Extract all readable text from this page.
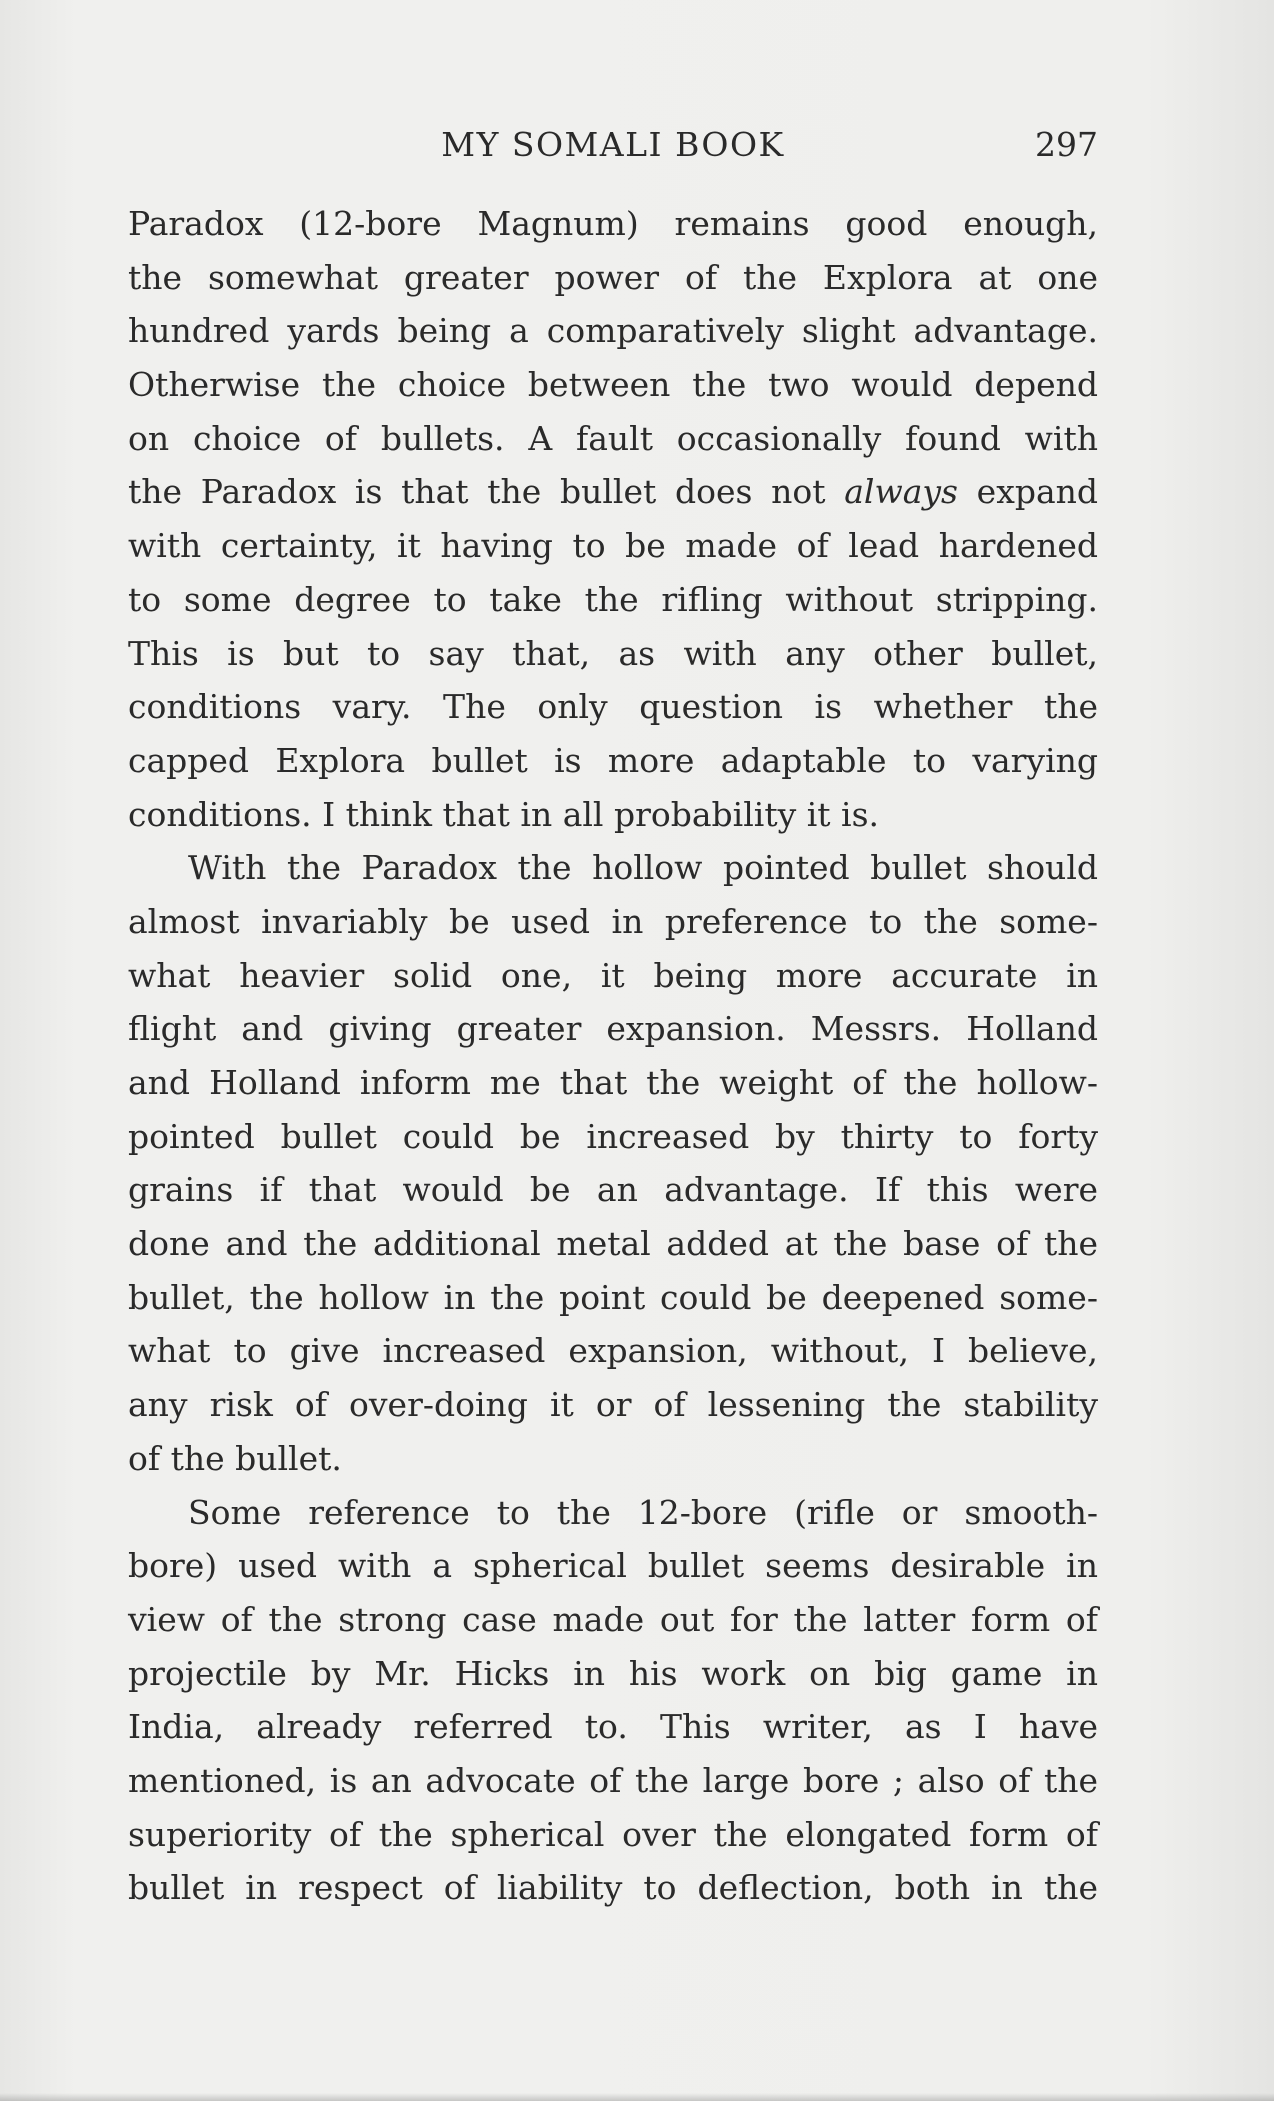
MY SOMALI BOOK	297
Paradox (12-bore Magnum) remains good enough,
the somewhat greater power of the Explora at one
hundred yards being a comparatively slight advantage.
Otherwise the choice between the two would depend
on choice of bullets. A fault occasionally found with
the Paradox is that the bullet does not always expand
with certainty, it having to be made of lead hardened
to some degree to take the rifling without stripping.
This is but to say that, as with any other bullet,
conditions vary. The only question is whether the
capped Explora bullet is more adaptable to varying
conditions. I think that in all probability it is.
With the Paradox the hollow pointed bullet should
almost invariably be used in preference to the some-
what heavier solid one, it being more accurate in
flight and giving greater expansion. Messrs. Holland
and Holland inform me that the weight of the hollow-
pointed bullet could be increased by thirty to forty
grains if that would be an advantage. If this were
done and the additional metal added at the base of the
bullet, the hollow in the point could be deepened some-
what to give increased expansion, without, I believe,
any risk of over-doing it or of lessening the stability
of the bullet.
Some reference to the 12-bore (rifle or smooth-
bore) used with a spherical bullet seems desirable in
view of the strong case made out for the latter form of
projectile by Mr. Hicks in his work on big game in
India, already referred to. This writer, as I have
mentioned, is an advocate of the large bore ; also of the
superiority of the spherical over the elongated form of
bullet in respect of liability to deflection, both in the
